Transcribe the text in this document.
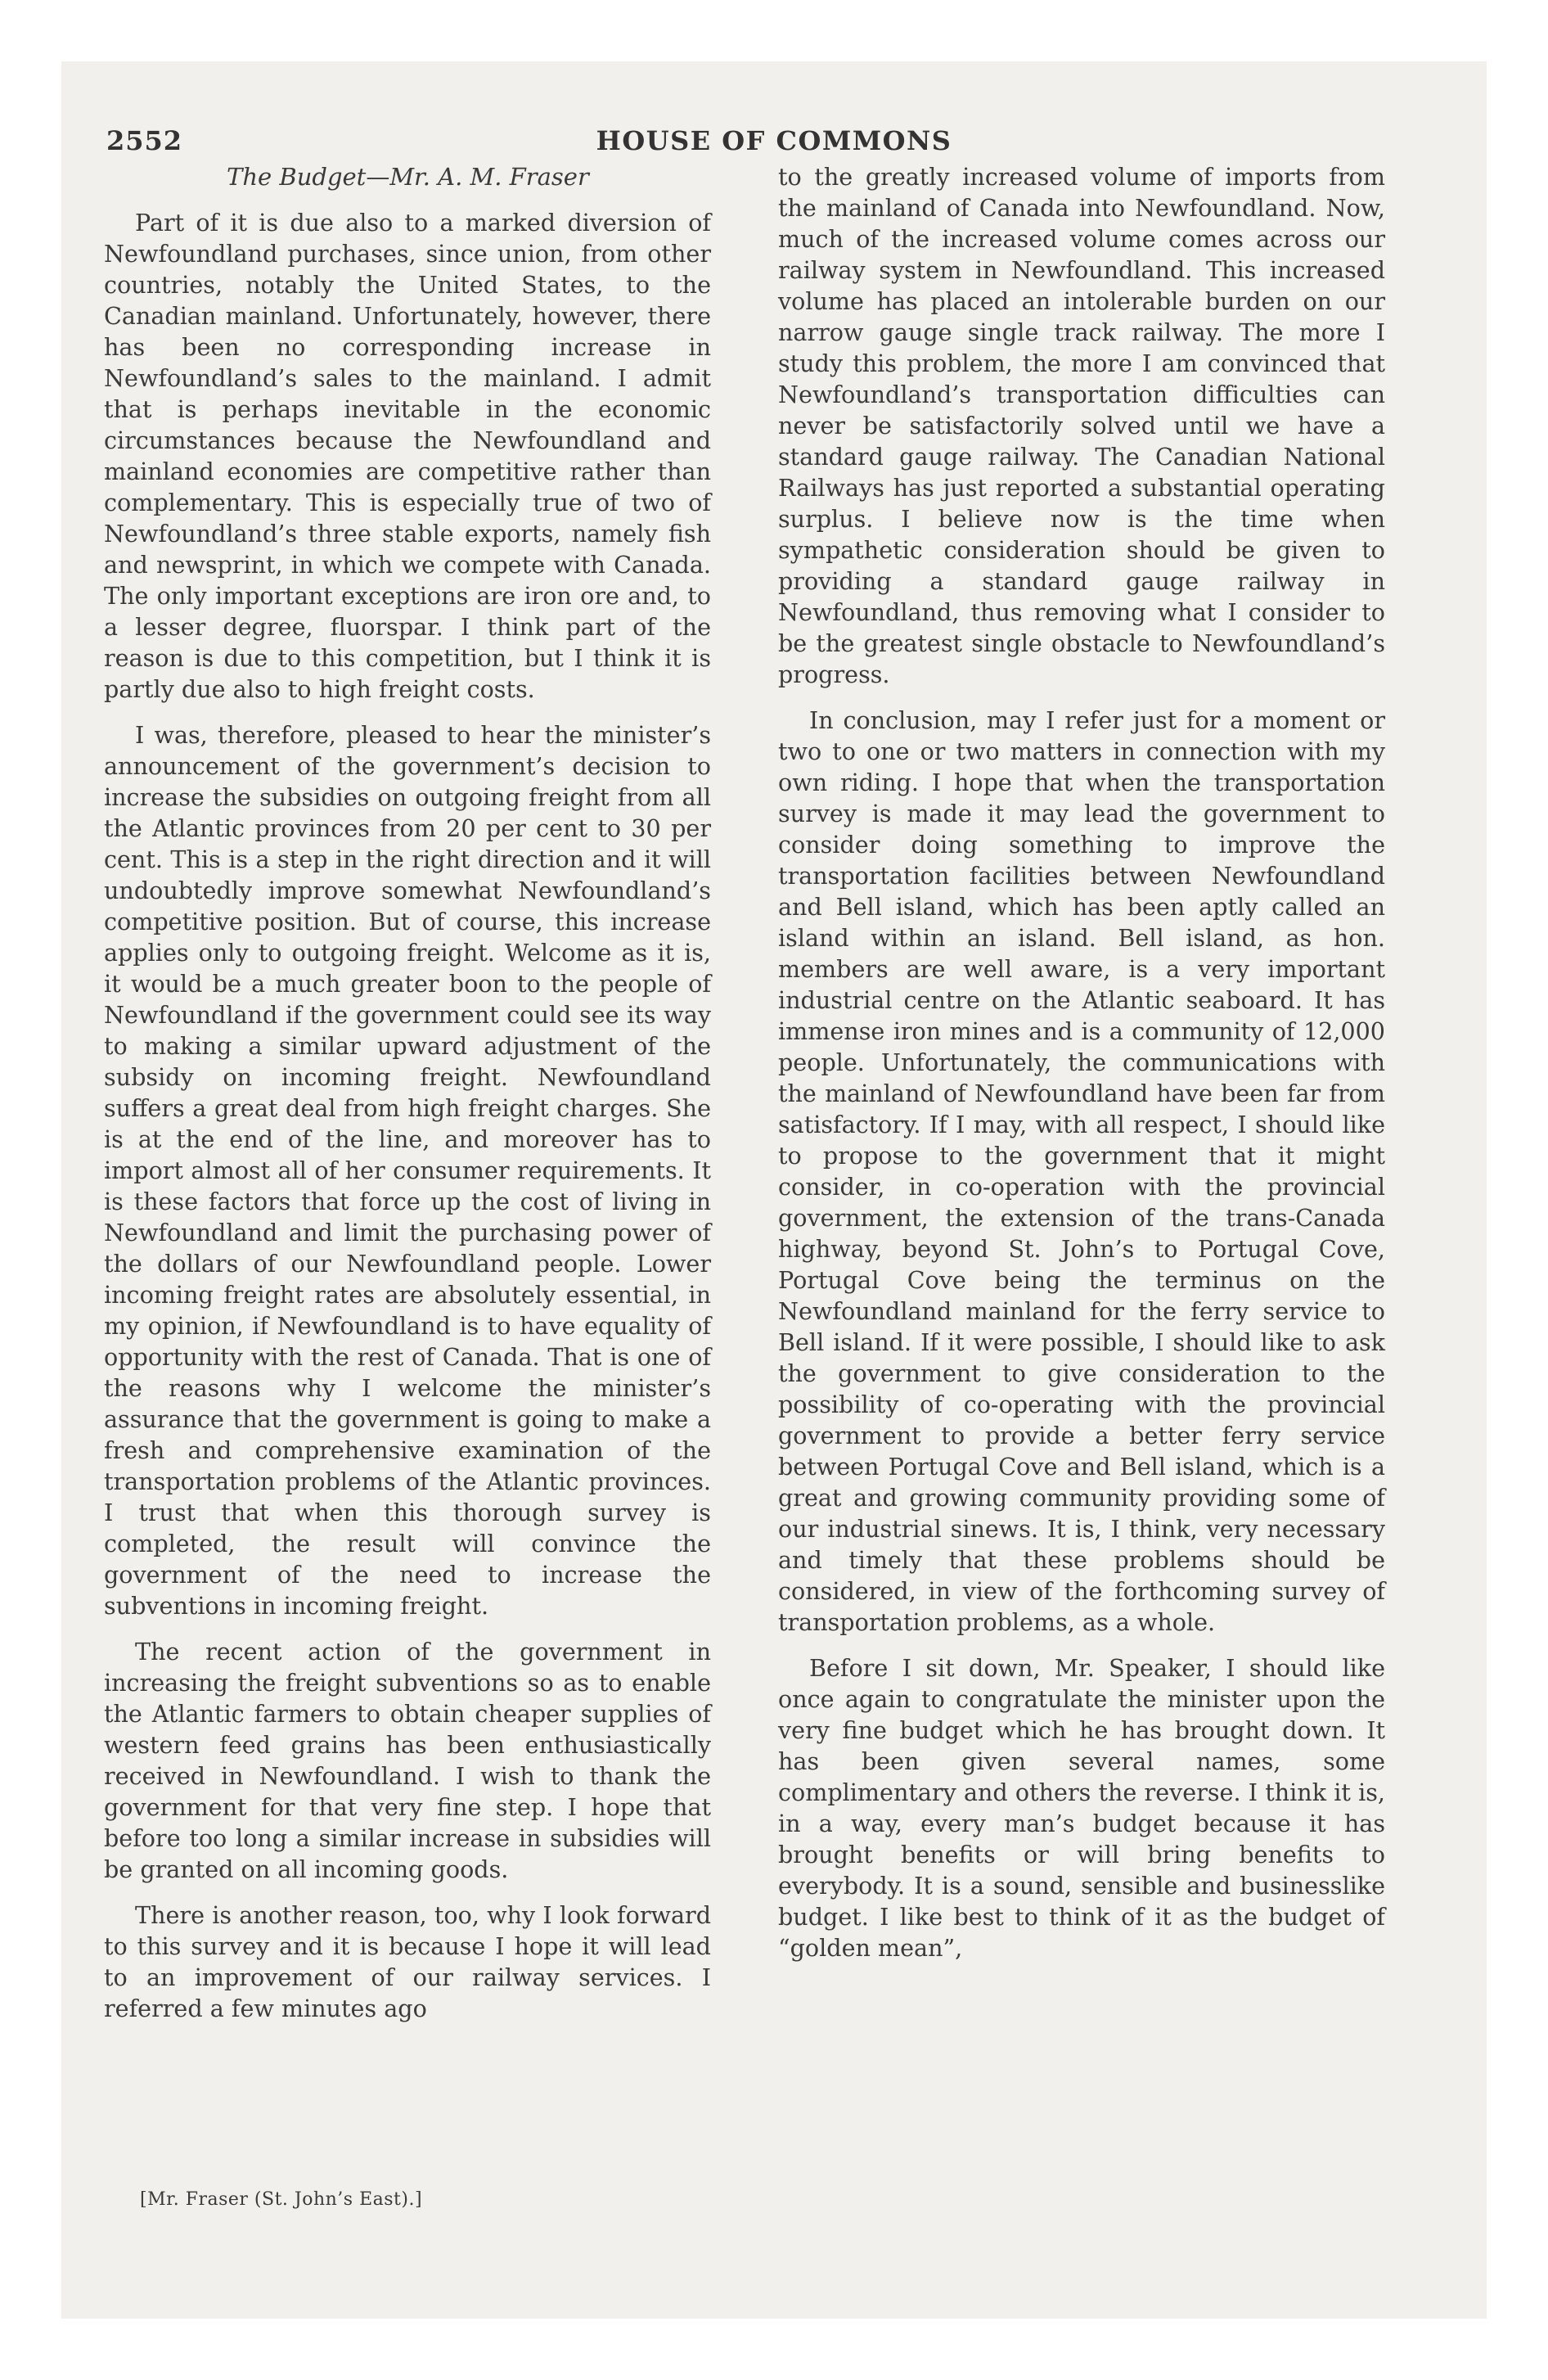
2552	HOUSE OF COMMONS

The Budget—Mr. A. M. Fraser

Part of it is due also to a marked diversion of Newfoundland purchases, since union, from other countries, notably the United States, to the Canadian mainland. Unfortunately, however, there has been no corresponding increase in Newfoundland’s sales to the mainland. I admit that is perhaps inevitable in the economic circumstances because the Newfoundland and mainland economies are competitive rather than complementary. This is especially true of two of Newfoundland’s three stable exports, namely fish and newsprint, in which we compete with Canada. The only important exceptions are iron ore and, to a lesser degree, fluorspar. I think part of the reason is due to this competition, but I think it is partly due also to high freight costs.

I was, therefore, pleased to hear the minister’s announcement of the government’s decision to increase the subsidies on outgoing freight from all the Atlantic provinces from 20 per cent to 30 per cent. This is a step in the right direction and it will undoubtedly improve somewhat Newfoundland’s competitive position. But of course, this increase applies only to outgoing freight. Welcome as it is, it would be a much greater boon to the people of Newfoundland if the government could see its way to making a similar upward adjustment of the subsidy on incoming freight. Newfoundland suffers a great deal from high freight charges. She is at the end of the line, and moreover has to import almost all of her consumer requirements. It is these factors that force up the cost of living in Newfoundland and limit the purchasing power of the dollars of our Newfoundland people. Lower incoming freight rates are absolutely essential, in my opinion, if Newfoundland is to have equality of opportunity with the rest of Canada. That is one of the reasons why I welcome the minister’s assurance that the government is going to make a fresh and comprehensive examination of the transportation problems of the Atlantic provinces. I trust that when this thorough survey is completed, the result will convince the government of the need to increase the subventions in incoming freight.

The recent action of the government in increasing the freight subventions so as to enable the Atlantic farmers to obtain cheaper supplies of western feed grains has been enthusiastically received in Newfoundland. I wish to thank the government for that very fine step. I hope that before too long a similar increase in subsidies will be granted on all incoming goods.

There is another reason, too, why I look forward to this survey and it is because I hope it will lead to an improvement of our railway services. I referred a few minutes ago

to the greatly increased volume of imports from the mainland of Canada into Newfoundland. Now, much of the increased volume comes across our railway system in Newfoundland. This increased volume has placed an intolerable burden on our narrow gauge single track railway. The more I study this problem, the more I am convinced that Newfoundland’s transportation difficulties can never be satisfactorily solved until we have a standard gauge railway. The Canadian National Railways has just reported a substantial operating surplus. I believe now is the time when sympathetic consideration should be given to providing a standard gauge railway in Newfoundland, thus removing what I consider to be the greatest single obstacle to Newfoundland’s progress.

In conclusion, may I refer just for a moment or two to one or two matters in connection with my own riding. I hope that when the transportation survey is made it may lead the government to consider doing something to improve the transportation facilities between Newfoundland and Bell island, which has been aptly called an island within an island. Bell island, as hon. members are well aware, is a very important industrial centre on the Atlantic seaboard. It has immense iron mines and is a community of 12,000 people. Unfortunately, the communications with the mainland of Newfoundland have been far from satisfactory. If I may, with all respect, I should like to propose to the government that it might consider, in co-operation with the provincial government, the extension of the trans-Canada highway, beyond St. John’s to Portugal Cove, Portugal Cove being the terminus on the Newfoundland mainland for the ferry service to Bell island. If it were possible, I should like to ask the government to give consideration to the possibility of co-operating with the provincial government to provide a better ferry service between Portugal Cove and Bell island, which is a great and growing community providing some of our industrial sinews. It is, I think, very necessary and timely that these problems should be considered, in view of the forthcoming survey of transportation problems, as a whole.

Before I sit down, Mr. Speaker, I should like once again to congratulate the minister upon the very fine budget which he has brought down. It has been given several names, some complimentary and others the reverse. I think it is, in a way, every man’s budget because it has brought benefits or will bring benefits to everybody. It is a sound, sensible and businesslike budget. I like best to think of it as the budget of “golden mean”,

[Mr. Fraser (St. John’s East).]
